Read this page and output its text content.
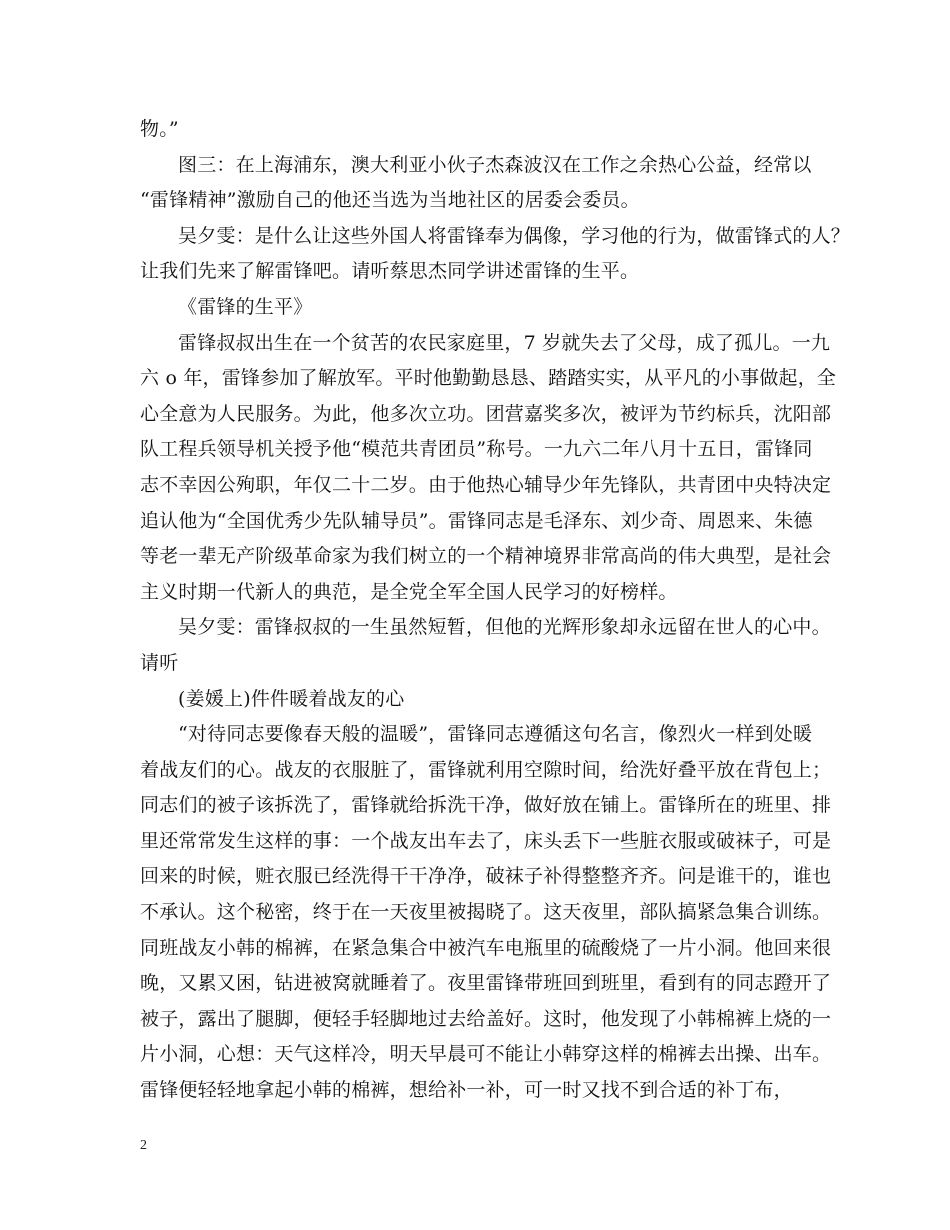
物。”
图三：在上海浦东，澳大利亚小伙子杰森波汉在工作之余热心公益，经常以
“雷锋精神”激励自己的他还当选为当地社区的居委会委员。
吴夕雯：是什么让这些外国人将雷锋奉为偶像，学习他的行为，做雷锋式的人？
让我们先来了解雷锋吧。请听蔡思杰同学讲述雷锋的生平。
《雷锋的生平》
雷锋叔叔出生在一个贫苦的农民家庭里，7 岁就失去了父母，成了孤儿。一九
六 o 年，雷锋参加了解放军。平时他勤勤恳恳、踏踏实实，从平凡的小事做起，全
心全意为人民服务。为此，他多次立功。团营嘉奖多次，被评为节约标兵，沈阳部
队工程兵领导机关授予他“模范共青团员”称号。一九六二年八月十五日，雷锋同
志不幸因公殉职，年仅二十二岁。由于他热心辅导少年先锋队，共青团中央特决定
追认他为“全国优秀少先队辅导员”。雷锋同志是毛泽东、刘少奇、周恩来、朱德
等老一辈无产阶级革命家为我们树立的一个精神境界非常高尚的伟大典型，是社会
主义时期一代新人的典范，是全党全军全国人民学习的好榜样。
吴夕雯：雷锋叔叔的一生虽然短暂，但他的光辉形象却永远留在世人的心中。
请听
(姜媛上)件件暖着战友的心
“对待同志要像春天般的温暖”，雷锋同志遵循这句名言，像烈火一样到处暖
着战友们的心。战友的衣服脏了，雷锋就利用空隙时间，给洗好叠平放在背包上；
同志们的被子该拆洗了，雷锋就给拆洗干净，做好放在铺上。雷锋所在的班里、排
里还常常发生这样的事：一个战友出车去了，床头丢下一些脏衣服或破袜子，可是
回来的时候，赃衣服已经洗得干干净净，破袜子补得整整齐齐。问是谁干的，谁也
不承认。这个秘密，终于在一天夜里被揭晓了。这天夜里，部队搞紧急集合训练。
同班战友小韩的棉裤，在紧急集合中被汽车电瓶里的硫酸烧了一片小洞。他回来很
晚，又累又困，钻进被窝就睡着了。夜里雷锋带班回到班里，看到有的同志蹬开了
被子，露出了腿脚，便轻手轻脚地过去给盖好。这时，他发现了小韩棉裤上烧的一
片小洞，心想：天气这样冷，明天早晨可不能让小韩穿这样的棉裤去出操、出车。
雷锋便轻轻地拿起小韩的棉裤，想给补一补，可一时又找不到合适的补丁布，
2
